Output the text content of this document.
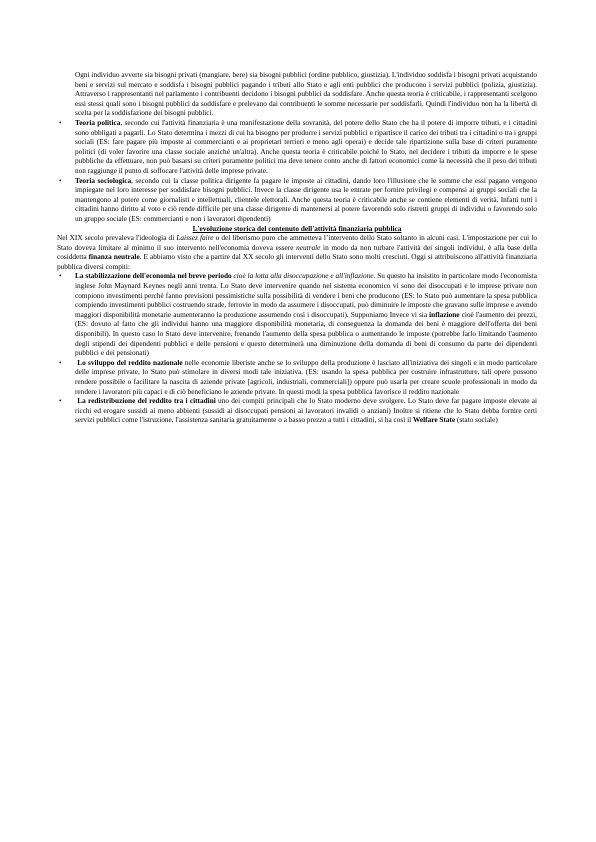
Ogni individuo avverte sia bisogni privati (mangiare, bere) sia bisogni pubblici (ordine pubblico, giustizia). L'individuo soddisfa i bisogni privati acquistando beni e servizi sul mercato e soddisfa i bisogni pubblici pagando i tributi allo Stato e agli enti pubblici che producono i servizi pubblici (polizia, giustizia). Attraverso i rappresentanti nel parlamento i contribuenti decidono i bisogni pubblici da soddisfare. Anche questa teoria è criticabile, i rappresentanti scelgono essi stessi quali sono i bisogni pubblici da soddisfare e prelevano dai contribuenti le somme necessarie per soddisfarli. Quindi l'individuo non ha la libertà di scelta per la soddisfazione dei bisogni pubblici.

• Teoria politica, secondo cui l'attività finanziaria è una manifestazione della sovranità, del potere dello Stato che ha il potere di imporre tributi, e i cittadini sono obbligati a pagarli. Lo Stato determina i mezzi di cui ha bisogno per produrre i servizi pubblici e ripartisce il carico dei tributi tra i cittadini o tra i gruppi sociali (ES: fare pagare più imposte ai commercianti e ai proprietari terrieri e meno agli operai) e decide tale ripartizione sulla base di criteri puramente politici (di voler favorire una classe sociale anziché un'altra). Anche questa teoria è criticabile poiché lo Stato, nel decidere i tributi da imporre e le spese pubbliche da effettuare, non può basarsi su criteri puramente politici ma deve tenere conto anche di fattori economici come la necessità che il peso dei tributi non raggiunge il punto di soffocare l'attività delle imprese private.
• Teoria sociologica, secondo cui la classe politica dirigente fa pagare le imposte ai cittadini, dando loro l'illusione che le somme che essi pagano vengono impiegate nel loro interesse per soddisfare bisogni pubblici. Invece la classe dirigente usa le entrate per fornire privilegi e compensi ai gruppi sociali che la mantengono al potere come giornalisti e intellettuali, clientele elettorali. Anche questa teoria è criticabile anche se contiene elementi di verità. Infatti tutti i cittadini hanno diritto al voto e ciò rende difficile per una classe dirigente di mantenersi al potere favorendo solo ristretti gruppi di individui o favorendo solo un gruppo sociale (ES: commercianti e non i lavoratori dipendenti)

L'evoluzione storica del contenuto dell'attività finanziaria pubblica

Nel XIX secolo prevaleva l'ideologia di Laissez faire o del liberismo puro che ammetteva l’intervento dello Stato soltanto in alcuni casi. L'impostazione per cui lo Stato doveva limitare al minimo il suo intervento nell'economia doveva essere neutrale in modo da non turbare l'attività dei singoli individui, è alla base della cosiddetta finanza neutrale. E abbiamo visto che a partire dal XX secolo gli interventi dello Stato sono molti cresciuti. Oggi si attribuiscono all'attività finanziaria pubblica diversi compiti:

• La stabilizzazione dell'economia nel breve periodo cioè la lotta alla disoccupazione e all'inflazione. Su questo ha insistito in particolare modo l'economista inglese John Maynard Keynes negli anni trenta. Lo Stato deve intervenire quando nel sistema economico vi sono dei disoccupati e le imprese private non compiono investimenti perchè fanno previsioni pessimistiche sulla possibilità di vendere i beni che producono (ES: lo Stato può aumentare la spesa pubblica compiendo investimenti pubblici costruendo strade, ferrovie in modo da assumere i disoccupati, può diminuire le imposte che gravano sulle imprese e avendo maggiori disponibilità monetarie aumenteranno la produzione assumendo così i disoccupati). Supponiamo Invece vi sia inflazione cioè l'aumento dei prezzi, (ES: dovuto al fatto che gli individui hanno una maggiore disponibilità monetaria, di conseguenza la domanda dei beni è maggiore dell'offerta dei beni disponibili). In questo caso lo Stato deve intervenire, frenando l'aumento della spesa pubblica o aumentando le imposte (potrebbe farlo limitando l'aumento degli stipendi dei dipendenti pubblici e delle pensioni e questo determinerà una diminuzione della domanda di beni di consumo da parte dei dipendenti pubblici e dei pensionati)
• Lo sviluppo del reddito nazionale nelle economie liberiste anche se lo sviluppo della produzione è lasciato all'iniziativa dei singoli e in modo particolare delle imprese private, lo Stato può stimolare in diversi modi tale iniziativa. (ES: usando la spesa pubblica per costruire infrastrutture, tali opere possono rendere possibile o facilitare la nascita di aziende private [agricoli, industriali, commerciali]) oppure può usarla per creare scuole professionali in modo da rendere i lavoratori più capaci e di ciò beneficiano le aziende private. In questi modi la spesa pubblica favorisce il reddito nazionale
• La redistribuzione del reddito tra i cittadini uno dei compiti principali che lo Stato moderno deve svolgere. Lo Stato deve far pagare imposte elevate ai ricchi ed erogare sussidi ai meno abbienti (sussidi ai disoccupati pensioni ai lavoratori invalidi o anziani) Inoltre si ritiene che lo Stato debba fornire certi servizi pubblici come l'istruzione, l'assistenza sanitaria gratuitamente o a basso prezzo a tutti i cittadini, si ha così il Welfare State (stato sociale)
